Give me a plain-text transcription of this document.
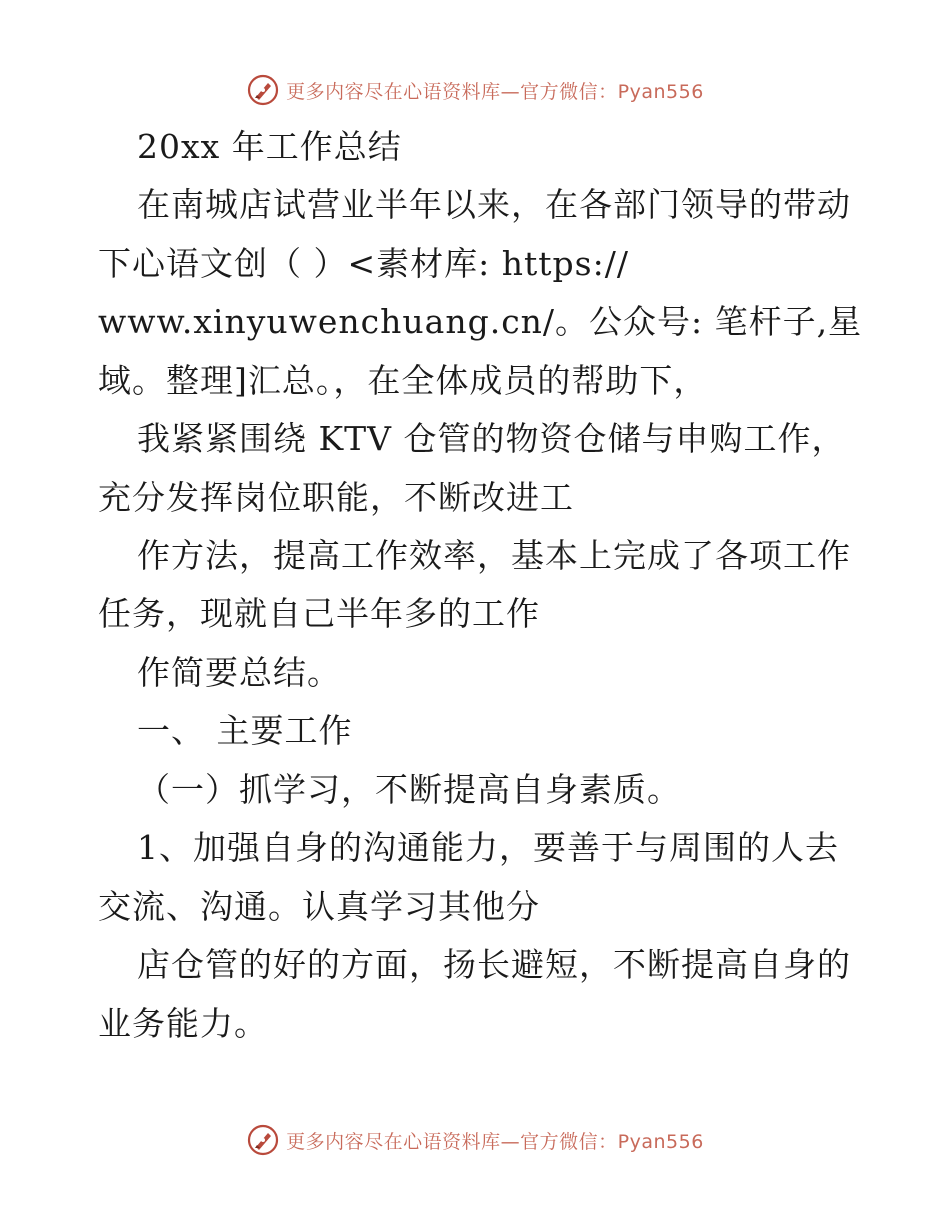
更多内容尽在心语资料库—官方微信：Pyan556
20xx 年工作总结
在南城店试营业半年以来，在各部门领导的带动
下心语文创（ ）<素材库: https://
www.xinyuwenchuang.cn/。公众号: 笔杆子,星
域。整理]汇总。，在全体成员的帮助下，
我紧紧围绕 KTV 仓管的物资仓储与申购工作，
充分发挥岗位职能，不断改进工
作方法，提高工作效率，基本上完成了各项工作
任务，现就自己半年多的工作
作简要总结。
一、 主要工作
（一）抓学习，不断提高自身素质。
1、加强自身的沟通能力，要善于与周围的人去
交流、沟通。认真学习其他分
店仓管的好的方面，扬长避短，不断提高自身的
业务能力。
更多内容尽在心语资料库—官方微信：Pyan556
